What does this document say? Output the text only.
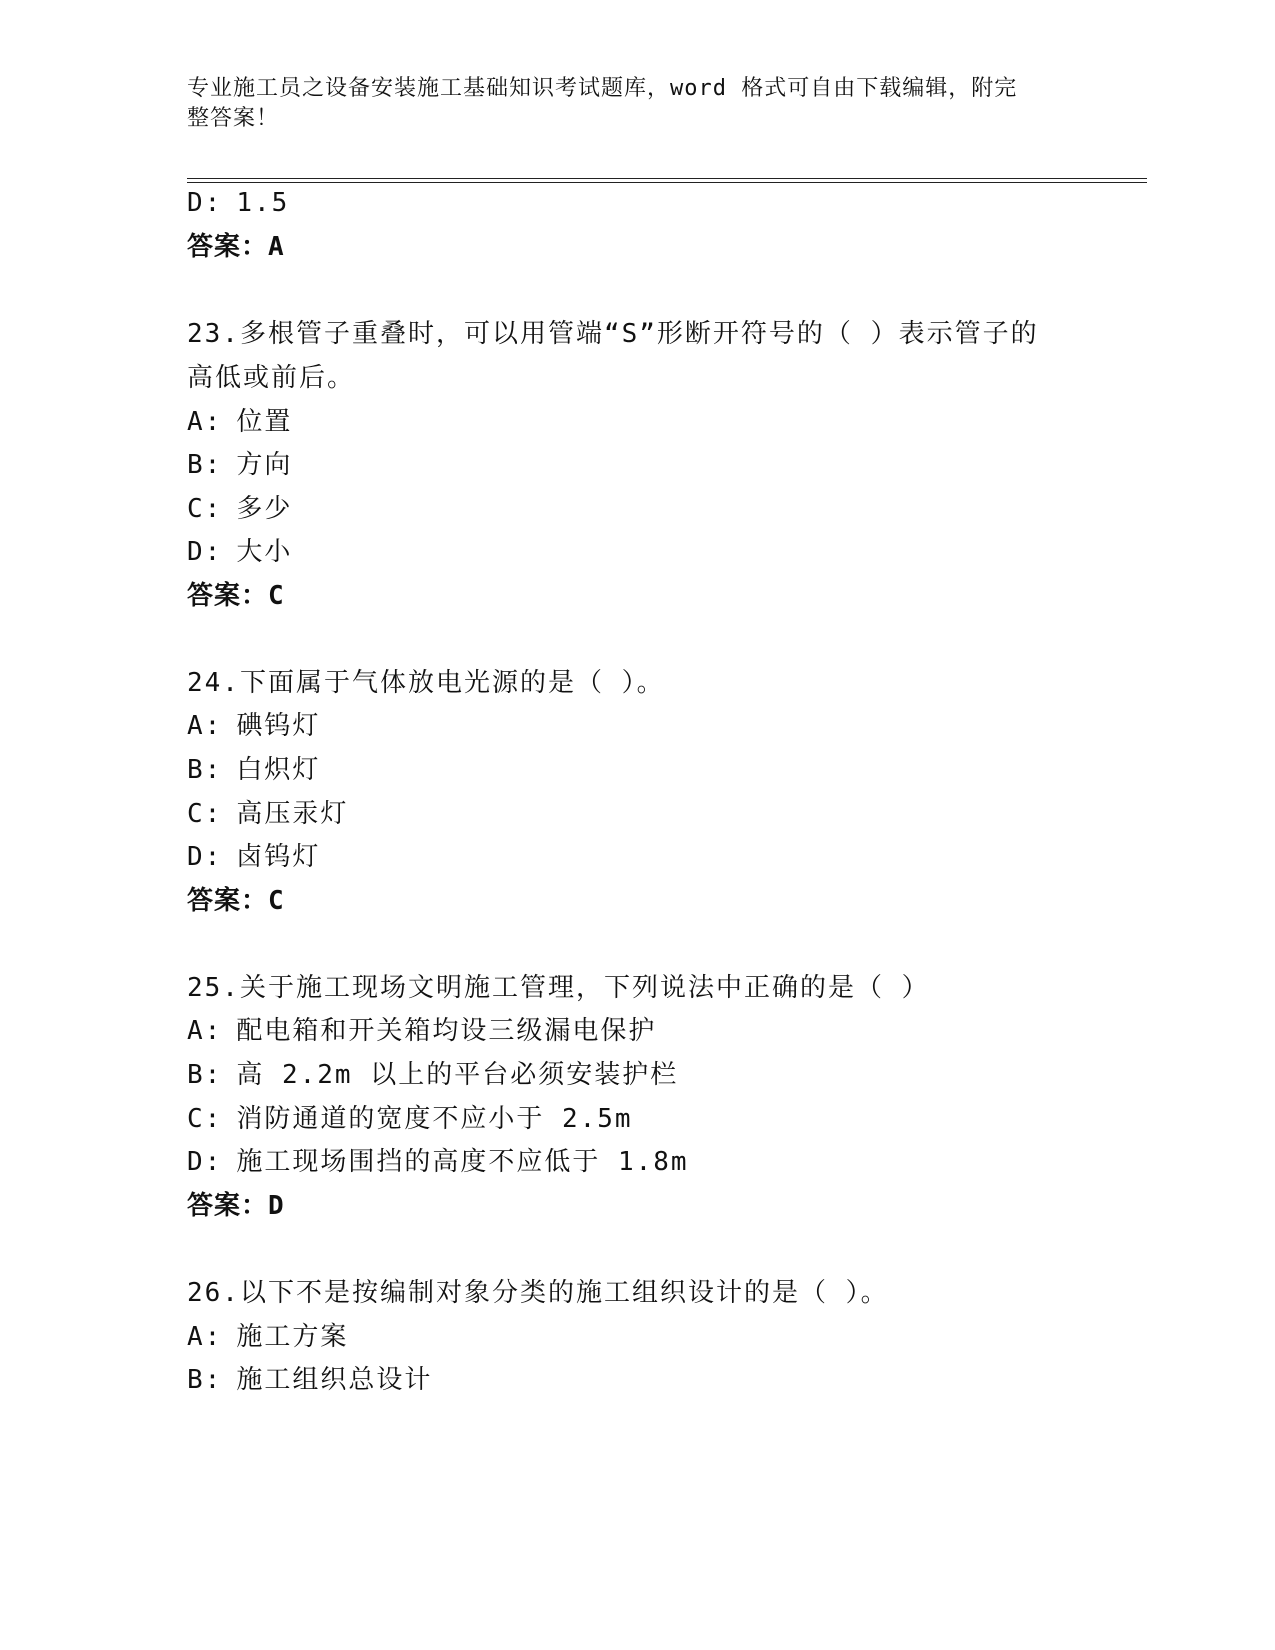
专业施工员之设备安装施工基础知识考试题库，word 格式可自由下载编辑，附完
整答案！
D: 1.5
答案：A
23.多根管子重叠时，可以用管端“S”形断开符号的（ ）表示管子的
高低或前后。
A: 位置
B: 方向
C: 多少
D: 大小
答案：C
24.下面属于气体放电光源的是（ ）。
A: 碘钨灯
B: 白炽灯
C: 高压汞灯
D: 卤钨灯
答案：C
25.关于施工现场文明施工管理，下列说法中正确的是（ ）
A: 配电箱和开关箱均设三级漏电保护
B: 高 2.2m 以上的平台必须安装护栏
C: 消防通道的宽度不应小于 2.5m
D: 施工现场围挡的高度不应低于 1.8m
答案：D
26.以下不是按编制对象分类的施工组织设计的是（ ）。
A: 施工方案
B: 施工组织总设计
